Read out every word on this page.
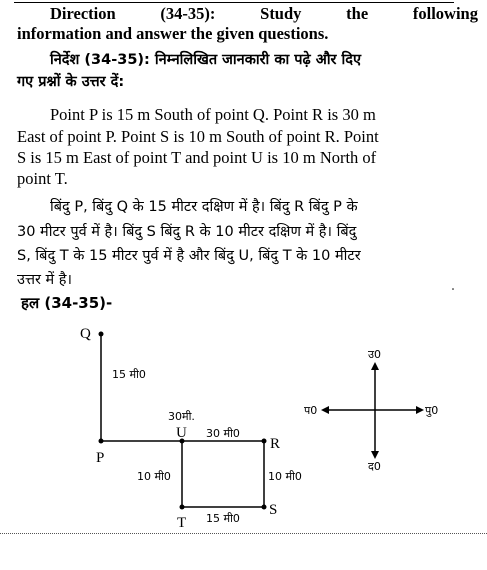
Direction	(34-35):	Study	the	following
information and answer the given questions.
निर्देश (34-35): निम्नलिखित जानकारी का पढ़े और दिए
गए प्रश्नों के उत्तर दें:
Point P is 15 m South of point Q. Point R is 30 m
East of point P. Point S is 10 m South of point R. Point
S is 15 m East of point T and point U is 10 m North of
point T.
बिंदु P, बिंदु Q के 15 मीटर दक्षिण में है। बिंदु R बिंदु P के
30 मीटर पुर्व में है। बिंदु S बिंदु R के 10 मीटर दक्षिण में है। बिंदु
S, बिंदु T के 15 मीटर पुर्व में है और बिंदु U, बिंदु T के 10 मीटर
उत्तर में है।
हल (34-35)-
Q
P
U
R
T
S
15 मी0
30मी.
30 मी0
10 मी0	10 मी0
15 मी0
उ0
द0
प0	पु0
